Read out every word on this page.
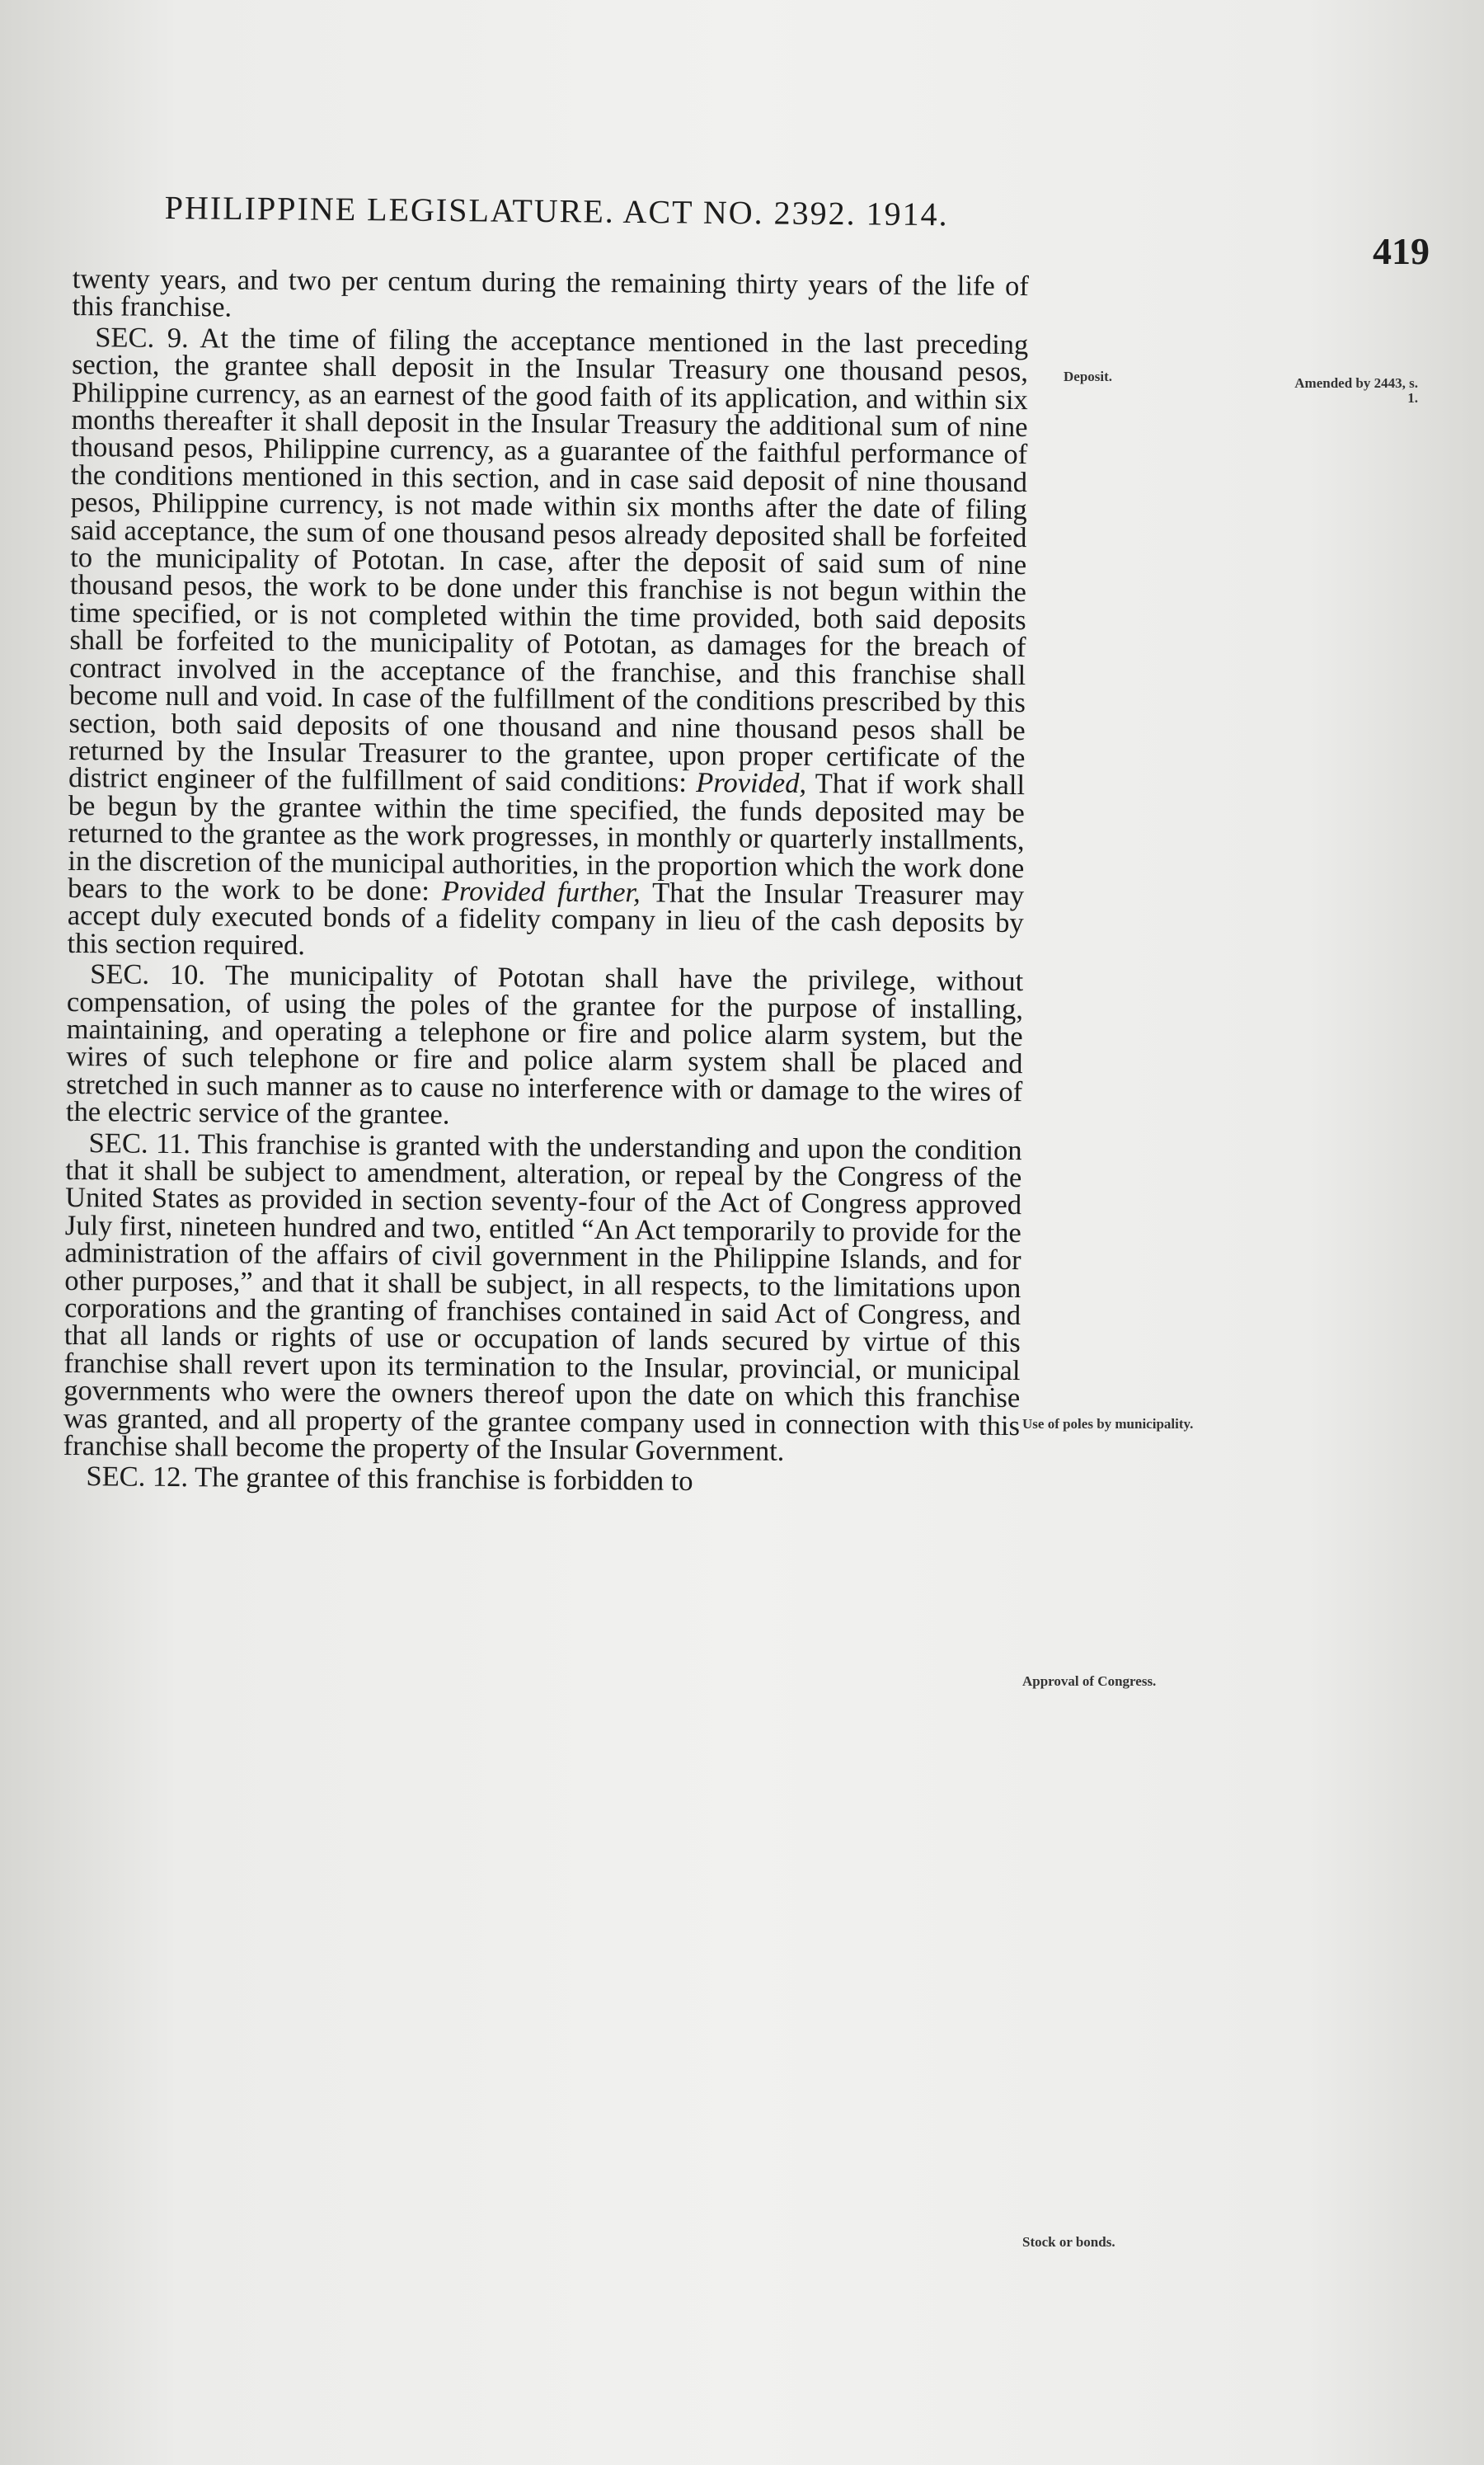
PHILIPPINE LEGISLATURE. ACT NO. 2392. 1914.
419

twenty years, and two per centum during the remaining thirty years of the life of this franchise.

SEC. 9. At the time of filing the acceptance mentioned in the last preceding section, the grantee shall deposit in the Insular Treasury one thousand pesos, Philippine currency, as an earnest of the good faith of its application, and within six months thereafter it shall deposit in the Insular Treasury the additional sum of nine thousand pesos, Philippine currency, as a guarantee of the faithful performance of the conditions mentioned in this section, and in case said deposit of nine thousand pesos, Philippine currency, is not made within six months after the date of filing said acceptance, the sum of one thousand pesos already deposited shall be forfeited to the municipality of Pototan. In case, after the deposit of said sum of nine thousand pesos, the work to be done under this franchise is not begun within the time specified, or is not completed within the time provided, both said deposits shall be forfeited to the municipality of Pototan, as damages for the breach of contract involved in the acceptance of the franchise, and this franchise shall become null and void. In case of the fulfillment of the conditions prescribed by this section, both said deposits of one thousand and nine thousand pesos shall be returned by the Insular Treasurer to the grantee, upon proper certificate of the district engineer of the fulfillment of said conditions: Provided, That if work shall be begun by the grantee within the time specified, the funds deposited may be returned to the grantee as the work progresses, in monthly or quarterly installments, in the discretion of the municipal authorities, in the proportion which the work done bears to the work to be done: Provided further, That the Insular Treasurer may accept duly executed bonds of a fidelity company in lieu of the cash deposits by this section required.

SEC. 10. The municipality of Pototan shall have the privilege, without compensation, of using the poles of the grantee for the purpose of installing, maintaining, and operating a telephone or fire and police alarm system, but the wires of such telephone or fire and police alarm system shall be placed and stretched in such manner as to cause no interference with or damage to the wires of the electric service of the grantee.

SEC. 11. This franchise is granted with the understanding and upon the condition that it shall be subject to amendment, alteration, or repeal by the Congress of the United States as provided in section seventy-four of the Act of Congress approved July first, nineteen hundred and two, entitled “An Act temporarily to provide for the administration of the affairs of civil government in the Philippine Islands, and for other purposes,” and that it shall be subject, in all respects, to the limitations upon corporations and the granting of franchises contained in said Act of Congress, and that all lands or rights of use or occupation of lands secured by virtue of this franchise shall revert upon its termination to the Insular, provincial, or municipal governments who were the owners thereof upon the date on which this franchise was granted, and all property of the grantee company used in connection with this franchise shall become the property of the Insular Government.

SEC. 12. The grantee of this franchise is forbidden to

Deposit.	Amended by 2443, s. 1.
Use of poles by municipality.
Approval of Congress.
Stock or bonds.
